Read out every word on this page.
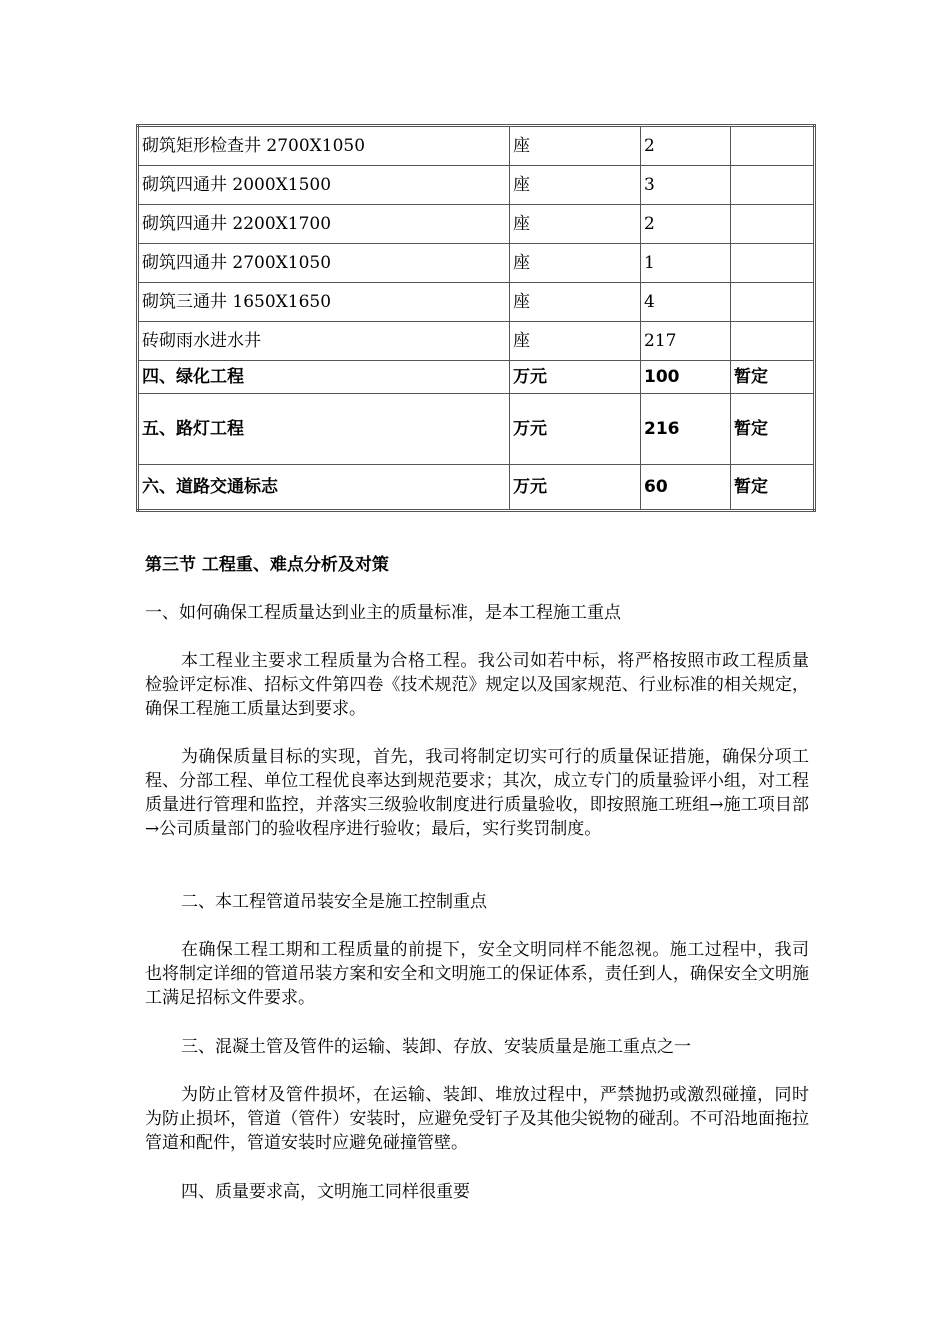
砌筑矩形检查井 2700X1050	座	2	
砌筑四通井 2000X1500	座	3	
砌筑四通井 2200X1700	座	2	
砌筑四通井 2700X1050	座	1	
砌筑三通井 1650X1650	座	4	
砖砌雨水进水井	座	217	
四、绿化工程	万元	100	暂定
五、路灯工程	万元	216	暂定
六、道路交通标志	万元	60	暂定
第三节 工程重、难点分析及对策
一、如何确保工程质量达到业主的质量标准，是本工程施工重点
本工程业主要求工程质量为合格工程。我公司如若中标，将严格按照市政工程质量检验评定标准、招标文件第四卷《技术规范》规定以及国家规范、行业标准的相关规定，确保工程施工质量达到要求。
为确保质量目标的实现，首先，我司将制定切实可行的质量保证措施，确保分项工程、分部工程、单位工程优良率达到规范要求；其次，成立专门的质量验评小组，对工程质量进行管理和监控，并落实三级验收制度进行质量验收，即按照施工班组→施工项目部→公司质量部门的验收程序进行验收；最后，实行奖罚制度。
二、本工程管道吊装安全是施工控制重点
在确保工程工期和工程质量的前提下，安全文明同样不能忽视。施工过程中，我司也将制定详细的管道吊装方案和安全和文明施工的保证体系，责任到人，确保安全文明施工满足招标文件要求。
三、混凝土管及管件的运输、装卸、存放、安装质量是施工重点之一
为防止管材及管件损坏，在运输、装卸、堆放过程中，严禁抛扔或激烈碰撞，同时为防止损坏，管道（管件）安装时，应避免受钉子及其他尖锐物的碰刮。不可沿地面拖拉管道和配件，管道安装时应避免碰撞管壁。
四、质量要求高，文明施工同样很重要
